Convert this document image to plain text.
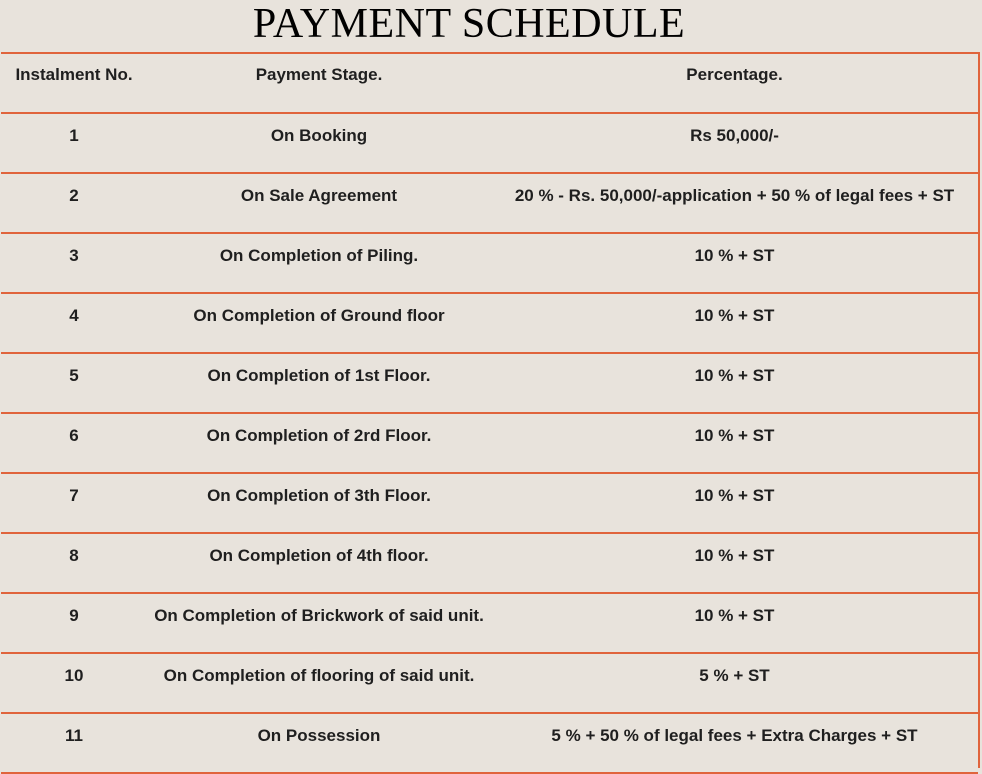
PAYMENT SCHEDULE
Instalment No.	Payment Stage.	Percentage.
1	On Booking	Rs 50,000/-
2	On Sale Agreement	20 % - Rs. 50,000/-application + 50 % of legal fees + ST
3	On Completion of Piling.	10 % + ST
4	On Completion of Ground floor	10 % + ST
5	On Completion of 1st Floor.	10 % + ST
6	On Completion of 2rd Floor.	10 % + ST
7	On Completion of 3th Floor.	10 % + ST
8	On Completion of 4th floor.	10 % + ST
9	On Completion of Brickwork of said unit.	10 % + ST
10	On Completion of flooring of said unit.	5 % + ST
11	On Possession	5 % + 50 % of legal fees + Extra Charges + ST
